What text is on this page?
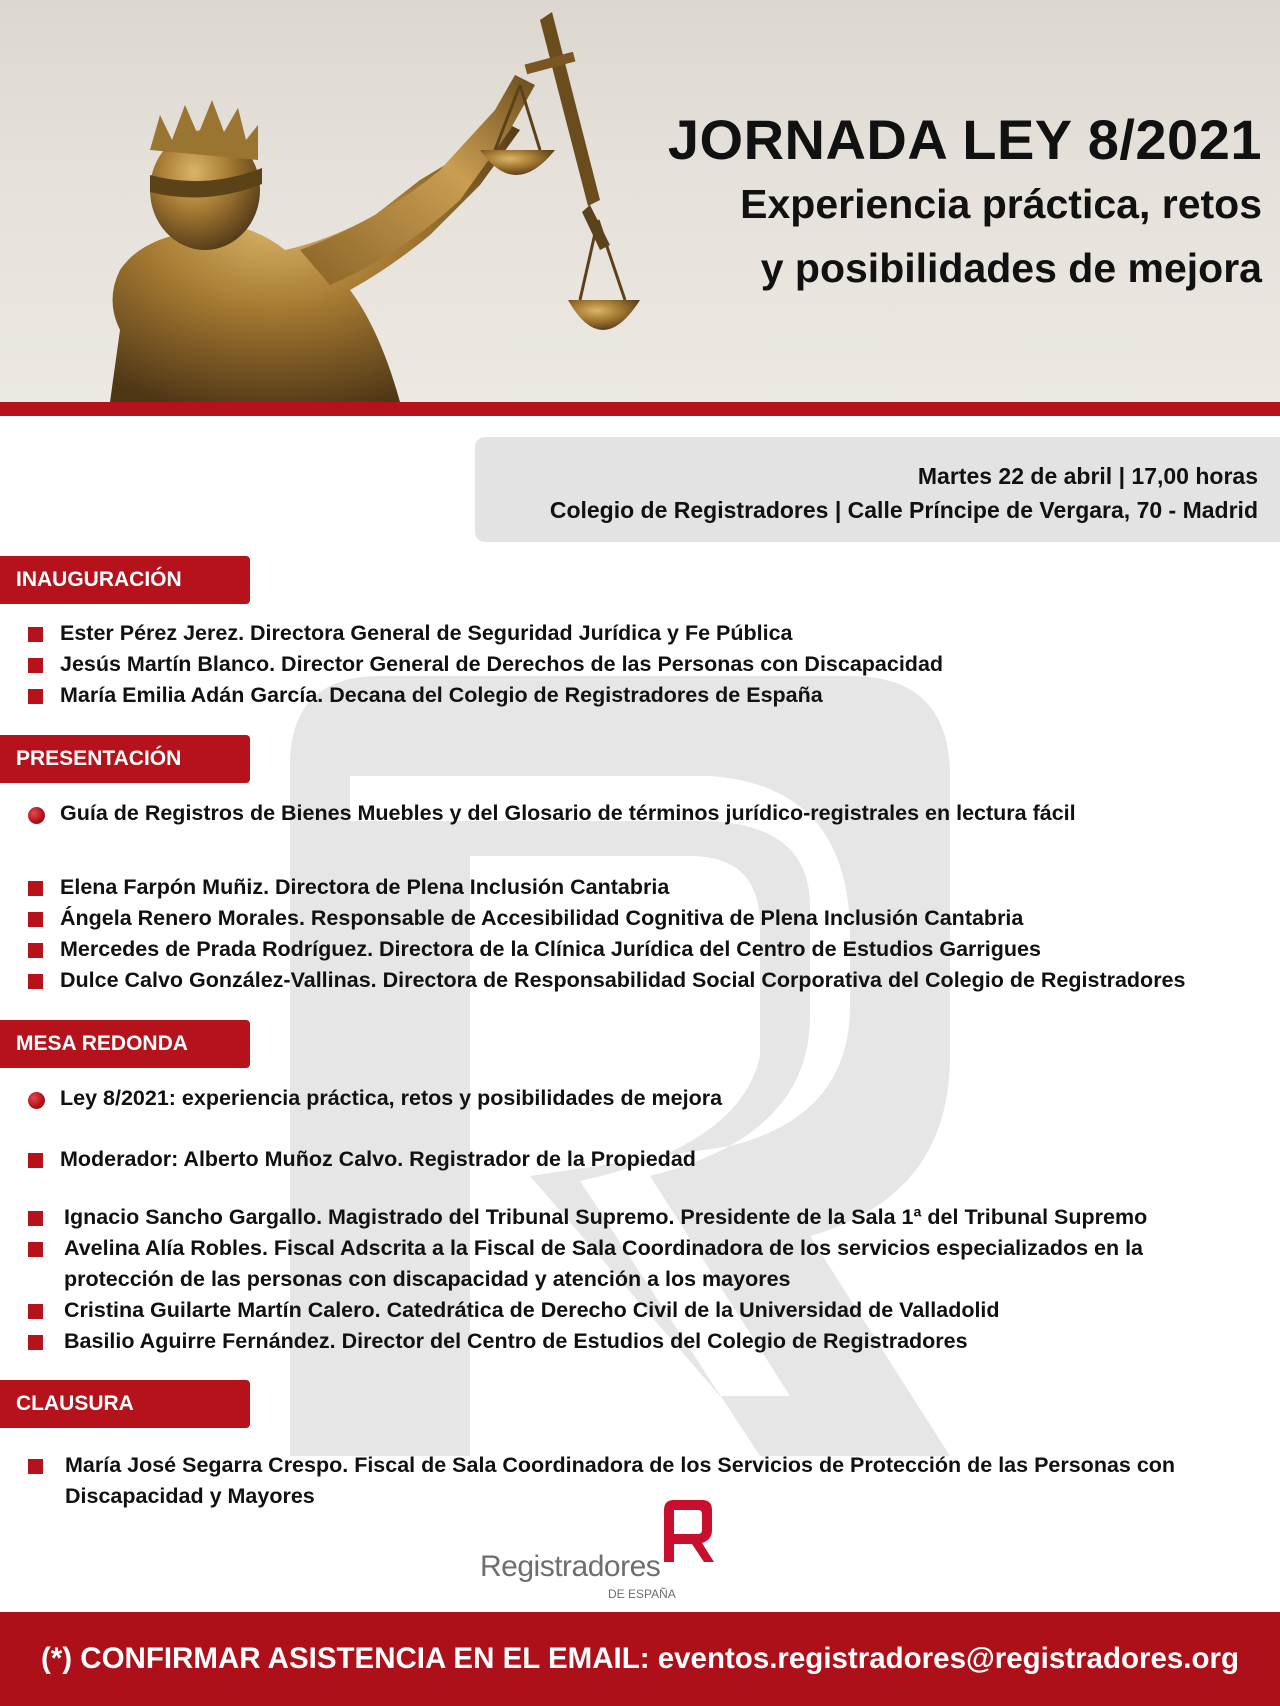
JORNADA LEY 8/2021
Experiencia práctica, retos
y posibilidades de mejora
Martes 22 de abril | 17,00 horas
Colegio de Registradores | Calle Príncipe de Vergara, 70 - Madrid
INAUGURACIÓN
Ester Pérez Jerez. Directora General de Seguridad Jurídica y Fe Pública
Jesús Martín Blanco. Director General de Derechos de las Personas con Discapacidad
María Emilia Adán García. Decana del Colegio de Registradores de España
PRESENTACIÓN
Guía de Registros de Bienes Muebles y del Glosario de términos jurídico-registrales en lectura fácil
Elena Farpón Muñiz. Directora de Plena Inclusión Cantabria
Ángela Renero Morales. Responsable de Accesibilidad Cognitiva de Plena Inclusión Cantabria
Mercedes de Prada Rodríguez. Directora de la Clínica Jurídica del Centro de Estudios Garrigues
Dulce Calvo González-Vallinas. Directora de Responsabilidad Social Corporativa del Colegio de Registradores
MESA REDONDA
Ley 8/2021: experiencia práctica, retos y posibilidades de mejora
Moderador: Alberto Muñoz Calvo. Registrador de la Propiedad
Ignacio Sancho Gargallo. Magistrado del Tribunal Supremo. Presidente de la Sala 1ª del Tribunal Supremo
Avelina Alía Robles. Fiscal Adscrita a la Fiscal de Sala Coordinadora de los servicios especializados en la protección de las personas con discapacidad y atención a los mayores
Cristina Guilarte Martín Calero. Catedrática de Derecho Civil de la Universidad de Valladolid
Basilio Aguirre Fernández. Director del Centro de Estudios del Colegio de Registradores
CLAUSURA
María José Segarra Crespo. Fiscal de Sala Coordinadora de los Servicios de Protección de las Personas con Discapacidad y Mayores
Registradores
DE ESPAÑA
(*) CONFIRMAR ASISTENCIA EN EL EMAIL: eventos.registradores@registradores.org
